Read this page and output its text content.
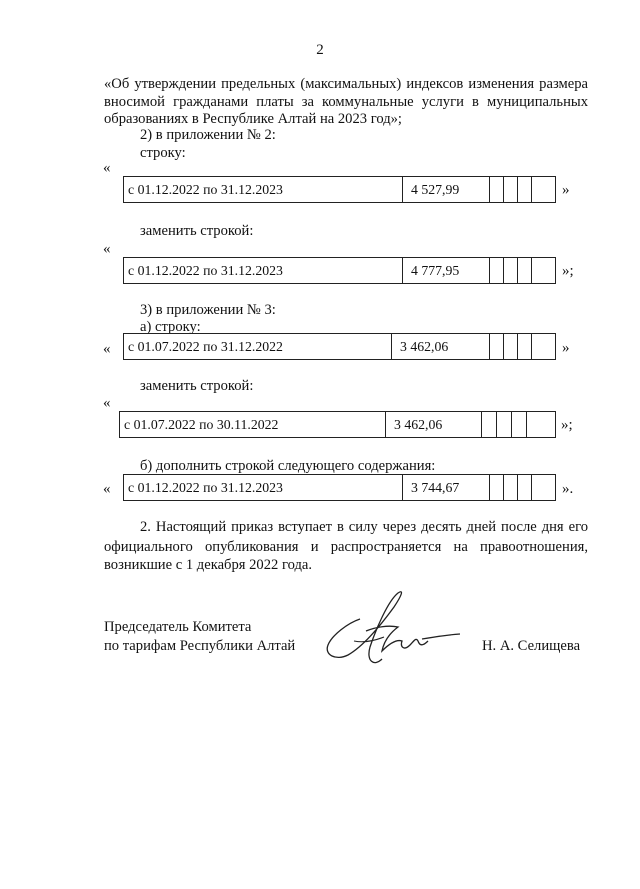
2
«Об утверждении предельных (максимальных) индексов изменения размера
вносимой гражданами платы за коммунальные услуги в муниципальных
образованиях в Республике Алтай на 2023 год»;
2) в приложении № 2:
строку:
«
с 01.12.2022 по 31.12.2023	4 527,99	»
заменить строкой:
«
с 01.12.2022 по 31.12.2023	4 777,95	»;
3) в приложении № 3:
а) строку:
« с 01.07.2022 по 31.12.2022	3 462,06	»
заменить строкой:
«
с 01.07.2022 по 30.11.2022	3 462,06	»;
б) дополнить строкой следующего содержания:
« с 01.12.2022 по 31.12.2023	3 744,67	».
2. Настоящий приказ вступает в силу через десять дней после дня его
официального опубликования и распространяется на правоотношения,
возникшие с 1 декабря 2022 года.
Председатель Комитета
по тарифам Республики Алтай	Н. А. Селищева
